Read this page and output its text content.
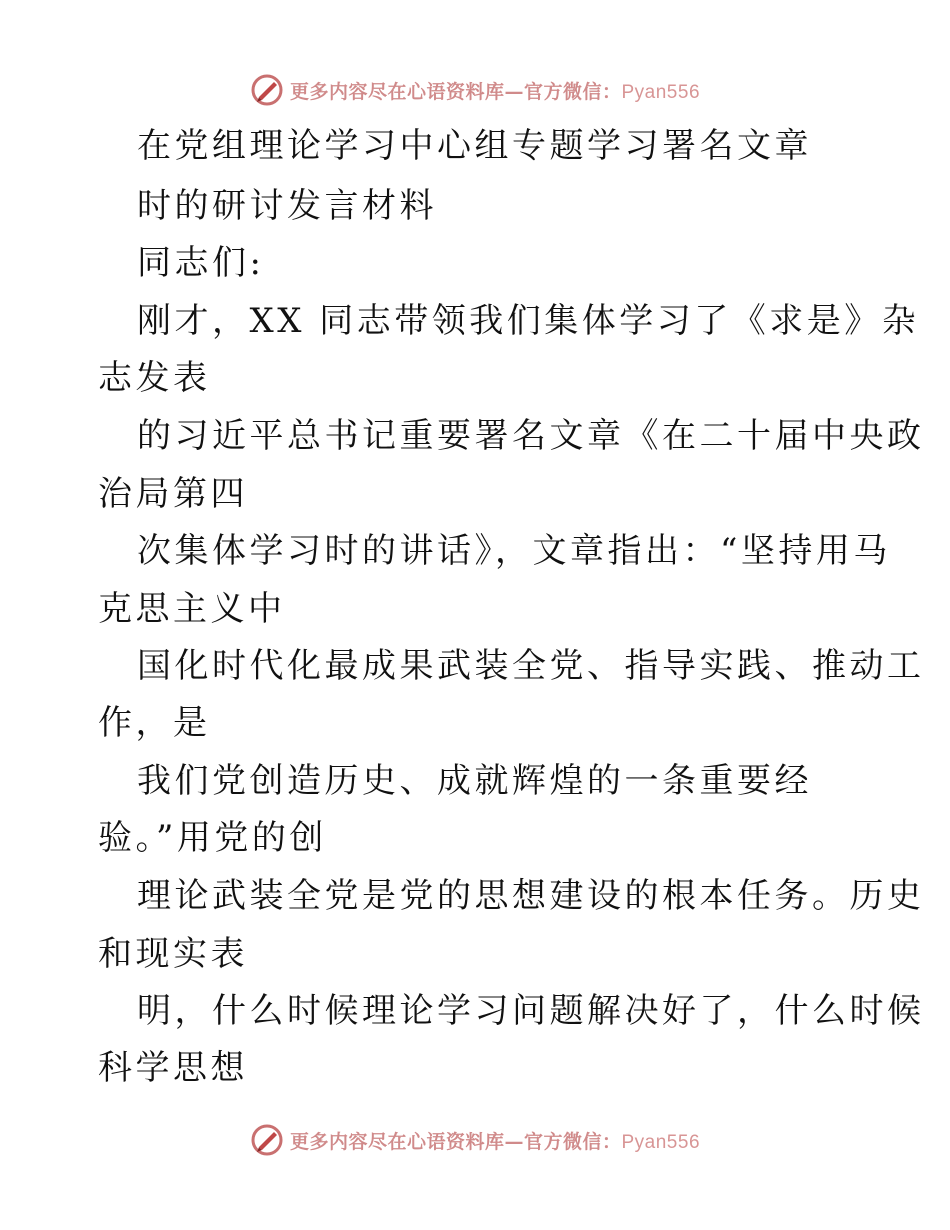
更多内容尽在心语资料库—官方微信：Pyan556
在党组理论学习中心组专题学习署名文章
时的研讨发言材料
同志们:
刚才，XX 同志带领我们集体学习了《求是》杂
志发表
的习近平总书记重要署名文章《在二十届中央政
治局第四
次集体学习时的讲话》，文章指出：“坚持用马
克思主义中
国化时代化最成果武装全党、指导实践、推动工
作，是
我们党创造历史、成就辉煌的一条重要经
验。”用党的创
理论武装全党是党的思想建设的根本任务。历史
和现实表
明，什么时候理论学习问题解决好了，什么时候
科学思想
更多内容尽在心语资料库—官方微信：Pyan556
